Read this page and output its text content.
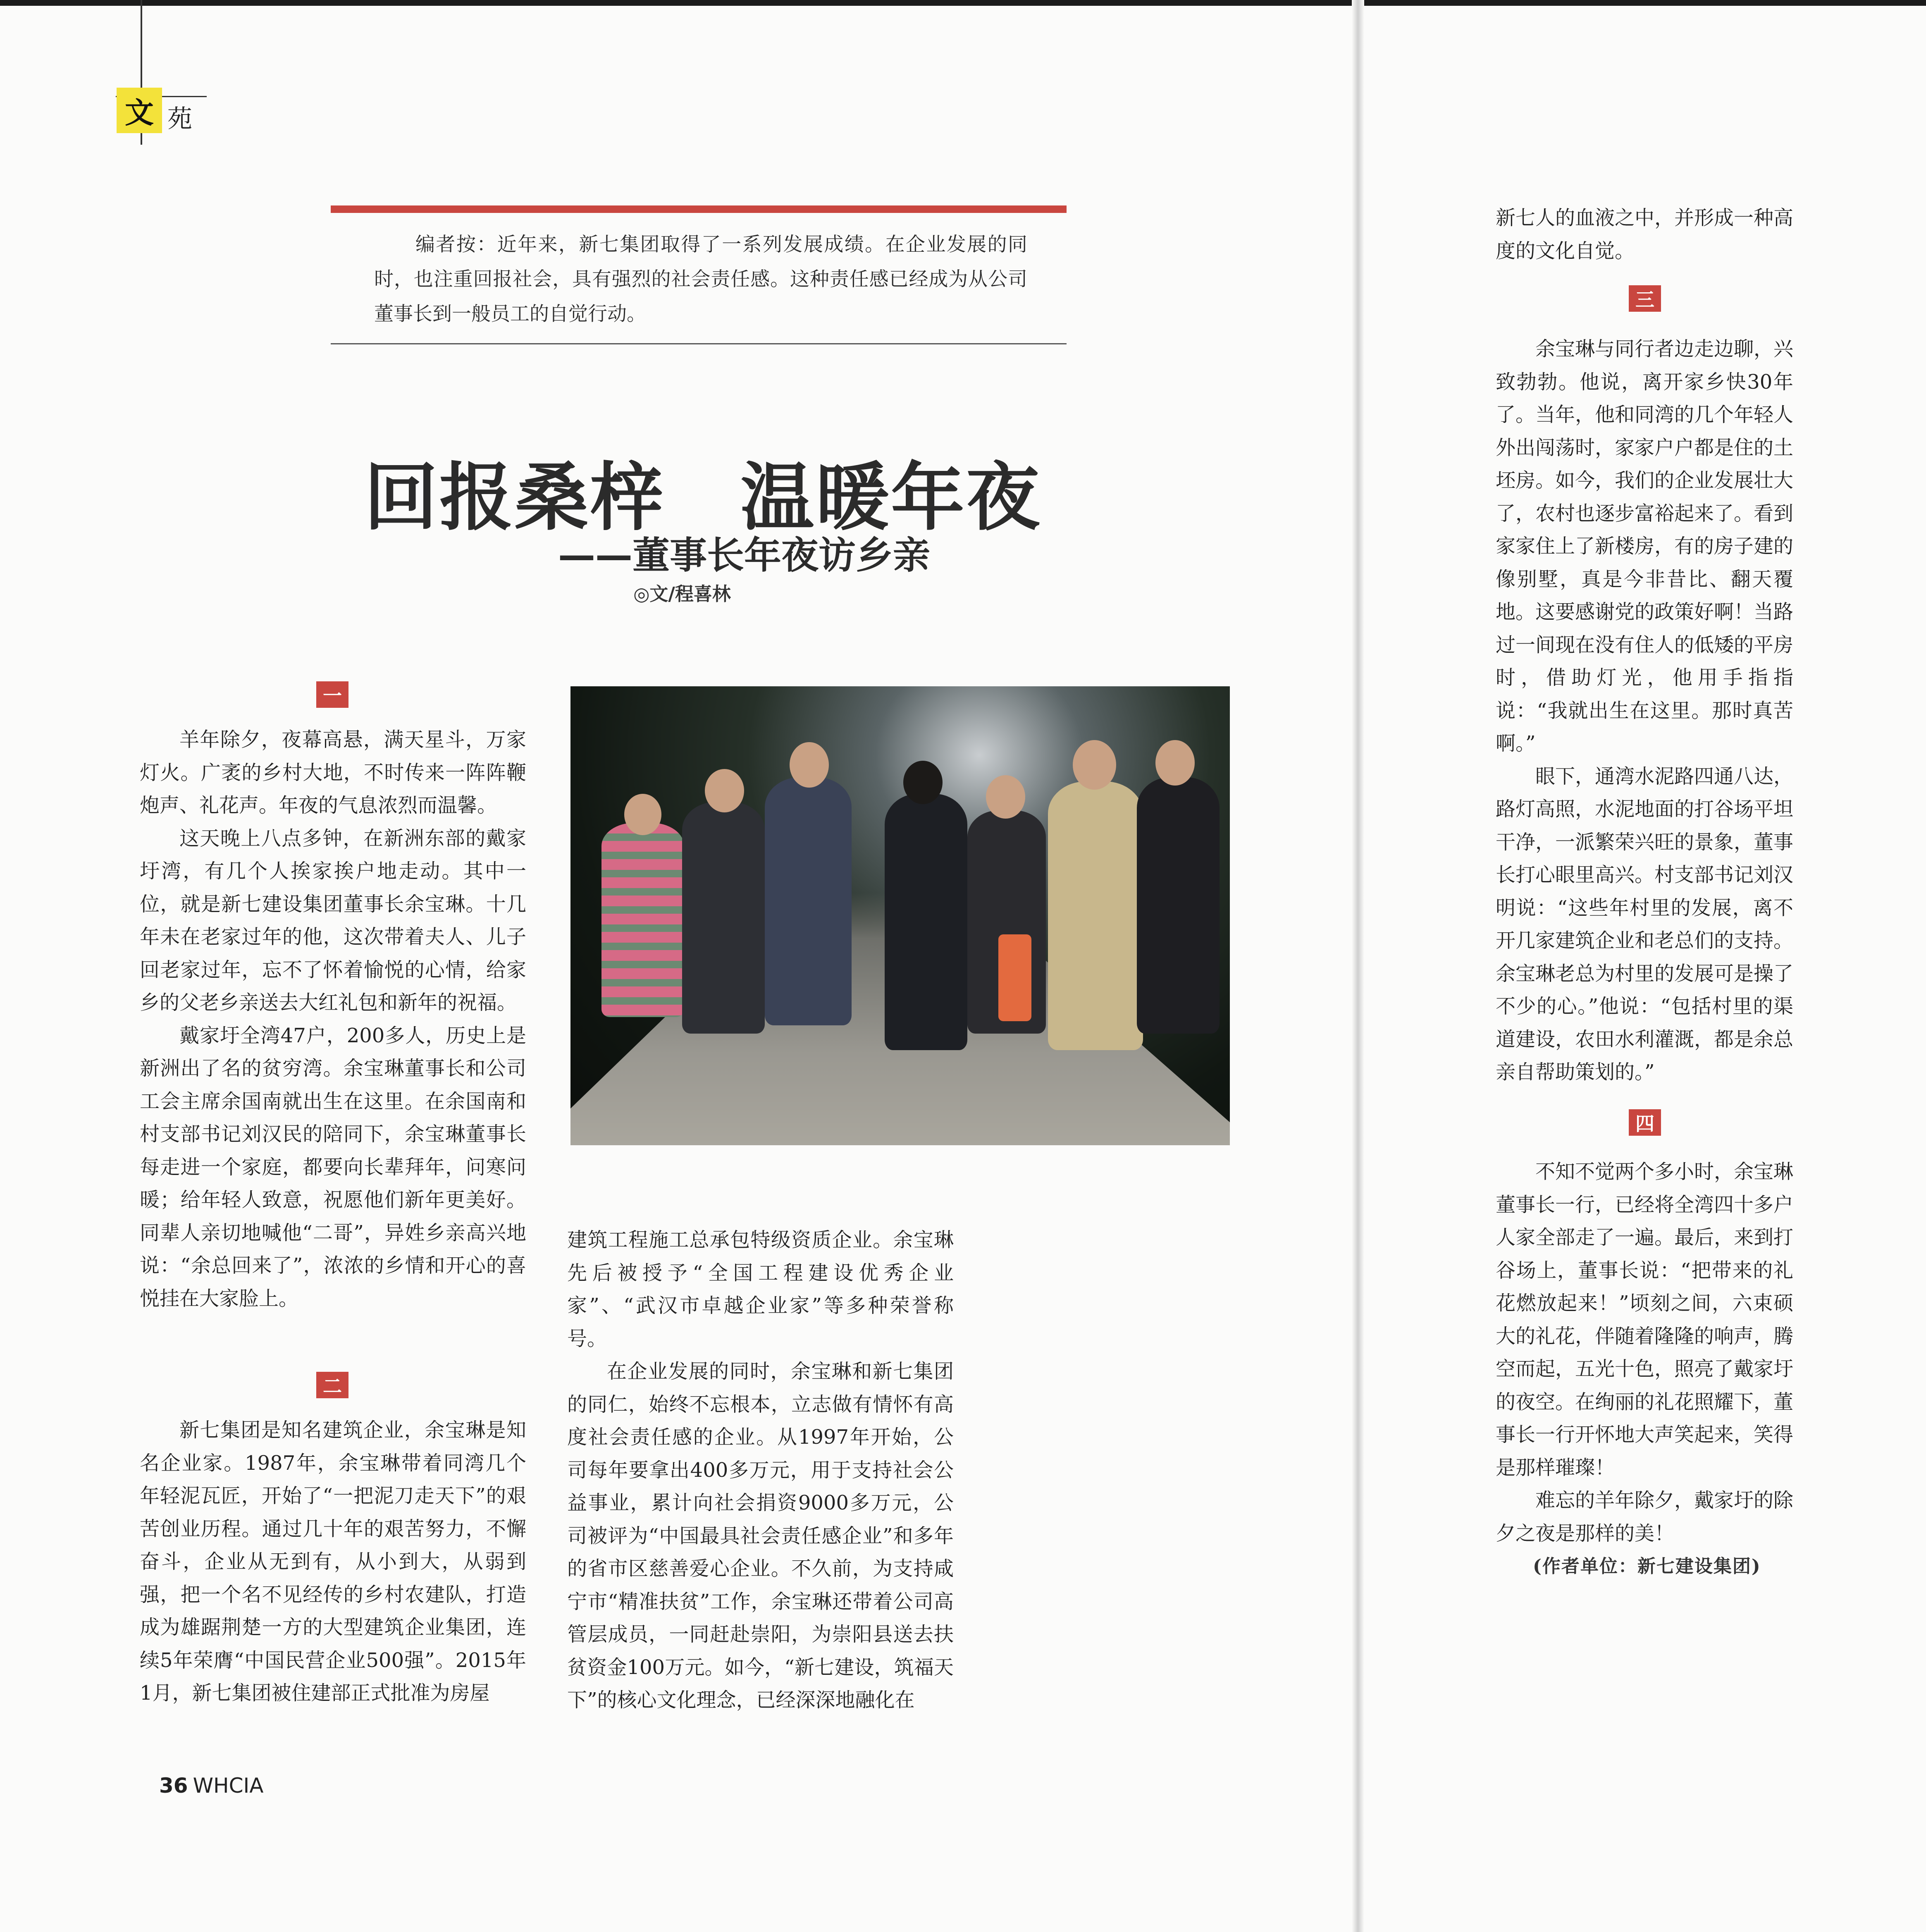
文 苑
编者按：近年来，新七集团取得了一系列发展成绩。在企业发展的同时，也注重回报社会，具有强烈的社会责任感。这种责任感已经成为从公司董事长到一般员工的自觉行动。
回报桑梓　温暖年夜
——董事长年夜访乡亲
◎文/程喜林
一

羊年除夕，夜幕高悬，满天星斗，万家灯火。广袤的乡村大地，不时传来一阵阵鞭炮声、礼花声。年夜的气息浓烈而温馨。

这天晚上八点多钟，在新洲东部的戴家圩湾，有几个人挨家挨户地走动。其中一位，就是新七建设集团董事长余宝琳。十几年未在老家过年的他，这次带着夫人、儿子回老家过年，忘不了怀着愉悦的心情，给家乡的父老乡亲送去大红礼包和新年的祝福。

戴家圩全湾47户，200多人，历史上是新洲出了名的贫穷湾。余宝琳董事长和公司工会主席余国南就出生在这里。在余国南和村支部书记刘汉民的陪同下，余宝琳董事长每走进一个家庭，都要向长辈拜年，问寒问暖；给年轻人致意，祝愿他们新年更美好。同辈人亲切地喊他“二哥”，异姓乡亲高兴地说：“余总回来了”，浓浓的乡情和开心的喜悦挂在大家脸上。

二

新七集团是知名建筑企业，余宝琳是知名企业家。1987年，余宝琳带着同湾几个年轻泥瓦匠，开始了“一把泥刀走天下”的艰苦创业历程。通过几十年的艰苦努力，不懈奋斗，企业从无到有，从小到大，从弱到强，把一个名不见经传的乡村农建队，打造成为雄踞荆楚一方的大型建筑企业集团，连续5年荣膺“中国民营企业500强”。2015年1月，新七集团被住建部正式批准为房屋

建筑工程施工总承包特级资质企业。余宝琳先后被授予“全国工程建设优秀企业家”、“武汉市卓越企业家”等多种荣誉称号。

在企业发展的同时，余宝琳和新七集团的同仁，始终不忘根本，立志做有情怀有高度社会责任感的企业。从1997年开始，公司每年要拿出400多万元，用于支持社会公益事业，累计向社会捐资9000多万元，公司被评为“中国最具社会责任感企业”和多年的省市区慈善爱心企业。不久前，为支持咸宁市“精准扶贫”工作，余宝琳还带着公司高管层成员，一同赶赴崇阳，为崇阳县送去扶贫资金100万元。如今，“新七建设，筑福天下”的核心文化理念，已经深深地融化在

新七人的血液之中，并形成一种高度的文化自觉。

三

余宝琳与同行者边走边聊，兴致勃勃。他说，离开家乡快30年了。当年，他和同湾的几个年轻人外出闯荡时，家家户户都是住的土坯房。如今，我们的企业发展壮大了，农村也逐步富裕起来了。看到家家住上了新楼房，有的房子建的像别墅，真是今非昔比、翻天覆地。这要感谢党的政策好啊！当路过一间现在没有住人的低矮的平房时，借助灯光，他用手指指说：“我就出生在这里。那时真苦啊。”

眼下，通湾水泥路四通八达，路灯高照，水泥地面的打谷场平坦干净，一派繁荣兴旺的景象，董事长打心眼里高兴。村支部书记刘汉明说：“这些年村里的发展，离不开几家建筑企业和老总们的支持。余宝琳老总为村里的发展可是操了不少的心。”他说：“包括村里的渠道建设，农田水利灌溉，都是余总亲自帮助策划的。”

四

不知不觉两个多小时，余宝琳董事长一行，已经将全湾四十多户人家全部走了一遍。最后，来到打谷场上，董事长说：“把带来的礼花燃放起来！”顷刻之间，六束硕大的礼花，伴随着隆隆的响声，腾空而起，五光十色，照亮了戴家圩的夜空。在绚丽的礼花照耀下，董事长一行开怀地大声笑起来，笑得是那样璀璨！

难忘的羊年除夕，戴家圩的除夕之夜是那样的美！

(作者单位：新七建设集团)

36 WHCIA
